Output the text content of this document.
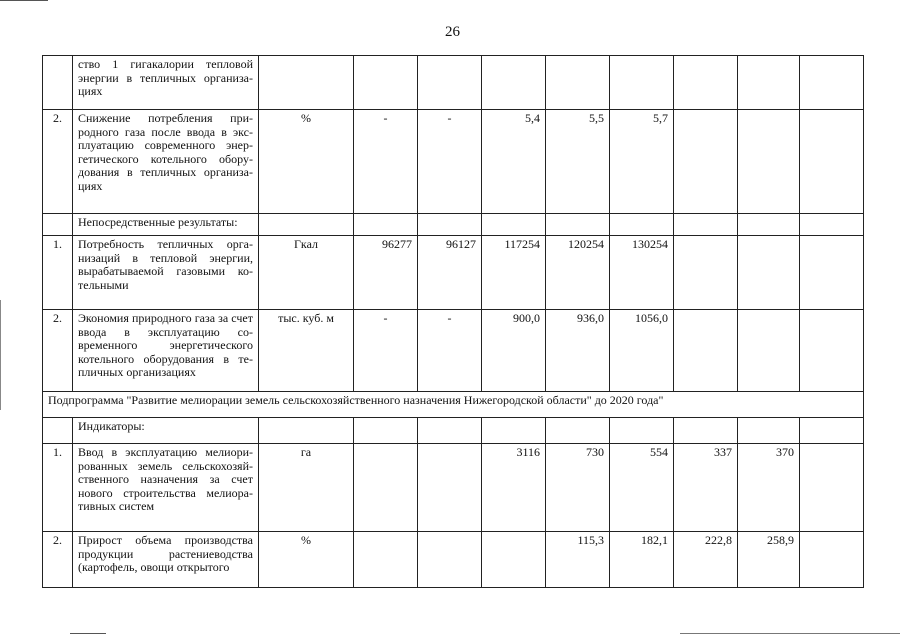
26
	ство 1 гигакалории тепловой энергии в тепличных организа-циях									
2.	Снижение потребления при-родного газа после ввода в экс-плуатацию современного энер-гетического котельного обору-дования в тепличных организа-циях	%	-	-	5,4	5,5	5,7			
	Непосредственные результаты:									
1.	Потребность тепличных орга-низаций в тепловой энергии, вырабатываемой газовыми ко-тельными	Гкал	96277	96127	117254	120254	130254			
2.	Экономия природного газа за счет ввода в эксплуатацию со-временного энергетического котельного оборудования в те-пличных организациях	тыс. куб. м	-	-	900,0	936,0	1056,0			
Подпрограмма "Развитие мелиорации земель сельскохозяйственного назначения Нижегородской области" до 2020 года"										
	Индикаторы:									
1.	Ввод в эксплуатацию мелиори-рованных земель сельскохозяй-ственного назначения за счет нового строительства мелиора-тивных систем	га			3116	730	554	337	370	
2.	Прирост объема производства продукции растениеводства (картофель, овощи открытого	%				115,3	182,1	222,8	258,9	
